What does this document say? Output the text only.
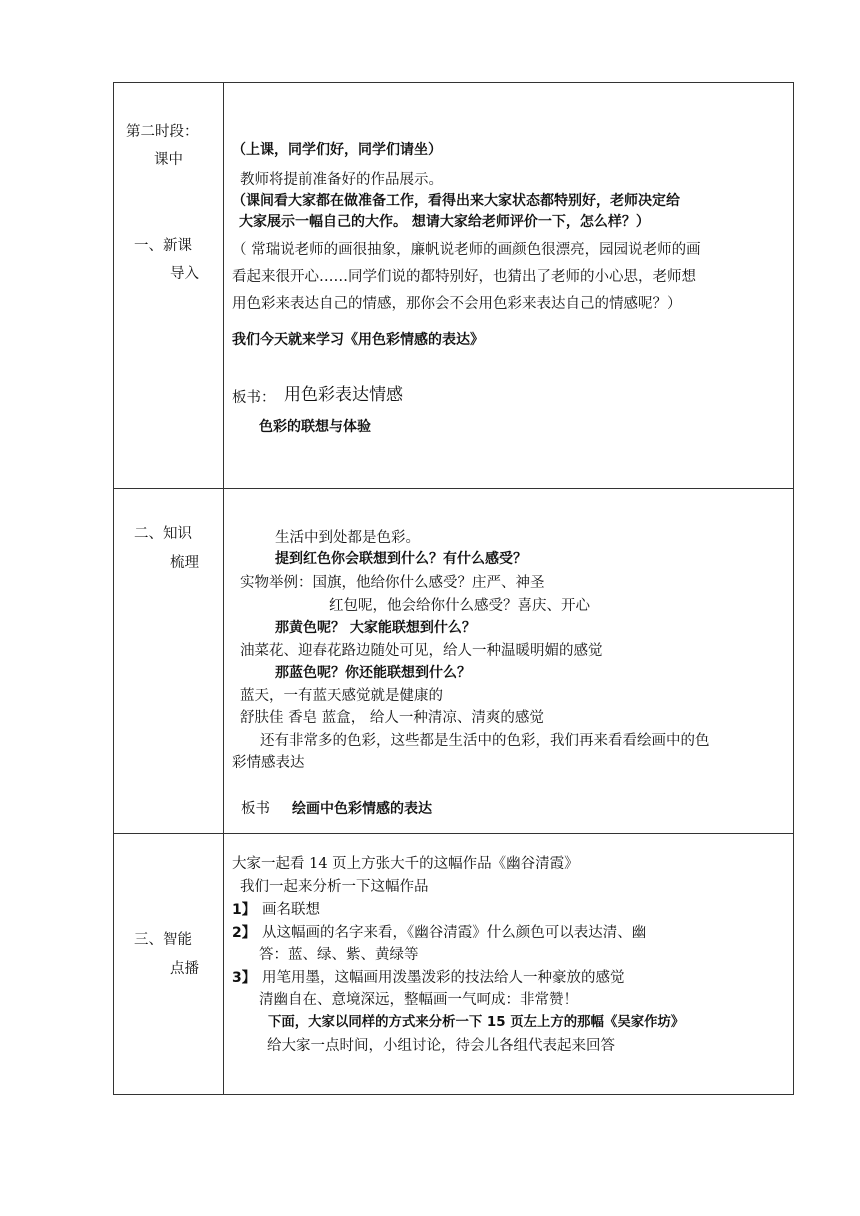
第二时段：
课中
一、新课
导入
（上课，同学们好，同学们请坐）
教师将提前准备好的作品展示。
（课间看大家都在做准备工作，看得出来大家状态都特别好，老师决定给
大家展示一幅自己的大作。 想请大家给老师评价一下，怎么样？）
（ 常瑞说老师的画很抽象，廉帆说老师的画颜色很漂亮，园园说老师的画
看起来很开心……同学们说的都特别好，也猜出了老师的小心思，老师想
用色彩来表达自己的情感，那你会不会用色彩来表达自己的情感呢？）
我们今天就来学习《用色彩情感的表达》
板书： 用色彩表达情感
色彩的联想与体验
二、知识
梳理
生活中到处都是色彩。
提到红色你会联想到什么？有什么感受？
实物举例：国旗，他给你什么感受？庄严、神圣
红包呢，他会给你什么感受？喜庆、开心
那黄色呢？ 大家能联想到什么？
油菜花、迎春花路边随处可见，给人一种温暖明媚的感觉
那蓝色呢？你还能联想到什么？
蓝天，一有蓝天感觉就是健康的
舒肤佳 香皂 蓝盒， 给人一种清凉、清爽的感觉
还有非常多的色彩，这些都是生活中的色彩，我们再来看看绘画中的色
彩情感表达
板书 绘画中色彩情感的表达
三、智能
点播
大家一起看 14 页上方张大千的这幅作品《幽谷清霞》
我们一起来分析一下这幅作品
1】 画名联想
2】 从这幅画的名字来看，《幽谷清霞》什么颜色可以表达清、幽
答：蓝、绿、紫、黄绿等
3】 用笔用墨，这幅画用泼墨泼彩的技法给人一种豪放的感觉
清幽自在、意境深远，整幅画一气呵成：非常赞！
下面，大家以同样的方式来分析一下 15 页左上方的那幅《吴家作坊》
给大家一点时间，小组讨论，待会儿各组代表起来回答
